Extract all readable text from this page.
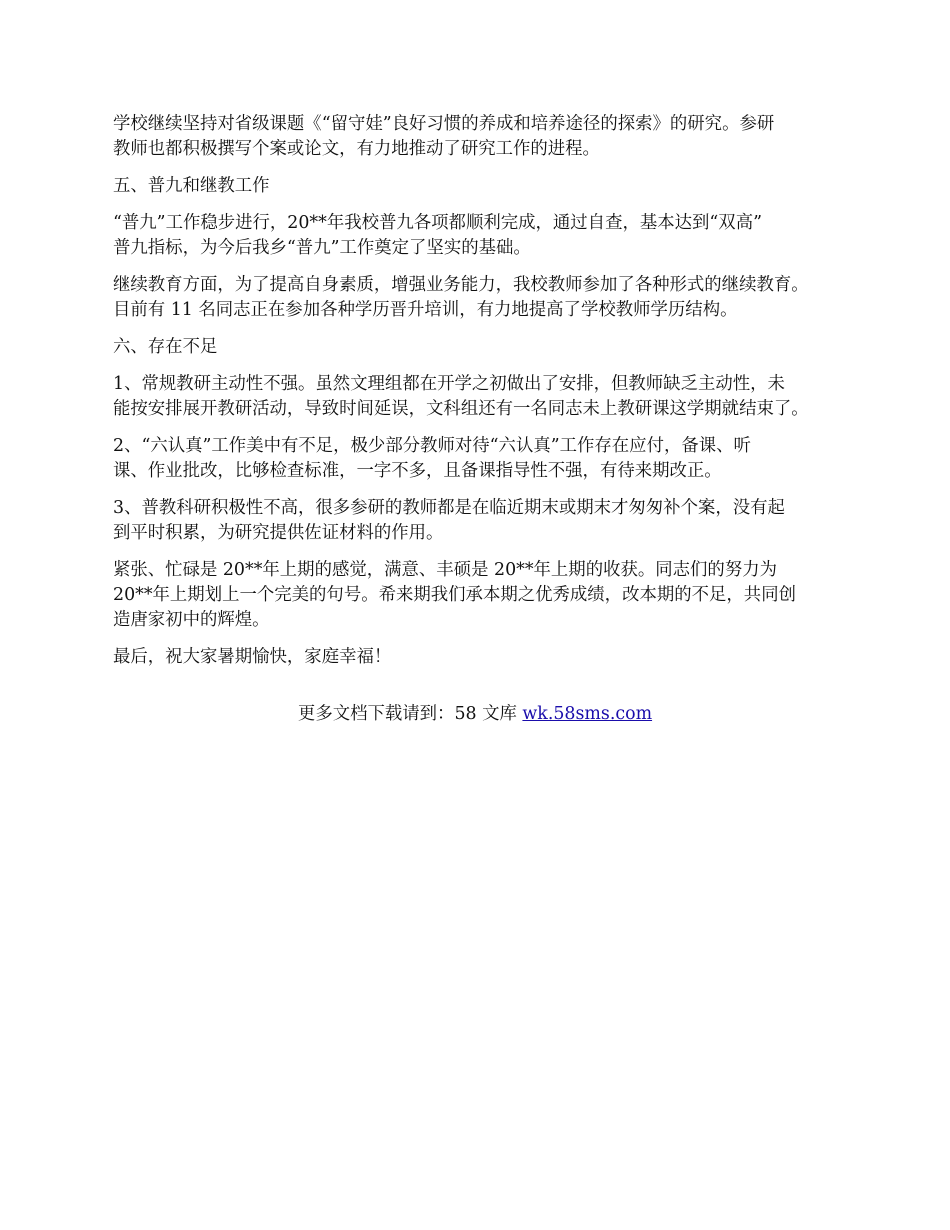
学校继续坚持对省级课题《“留守娃”良好习惯的养成和培养途径的探索》的研究。参研
教师也都积极撰写个案或论文，有力地推动了研究工作的进程。

五、普九和继教工作

“普九”工作稳步进行，20**年我校普九各项都顺利完成，通过自查，基本达到“双高”
普九指标，为今后我乡“普九”工作奠定了坚实的基础。

继续教育方面，为了提高自身素质，增强业务能力，我校教师参加了各种形式的继续教育。
目前有 11 名同志正在参加各种学历晋升培训，有力地提高了学校教师学历结构。

六、存在不足

1、常规教研主动性不强。虽然文理组都在开学之初做出了安排，但教师缺乏主动性，未
能按安排展开教研活动，导致时间延误，文科组还有一名同志未上教研课这学期就结束了。

2、“六认真”工作美中有不足，极少部分教师对待“六认真”工作存在应付，备课、听
课、作业批改，比够检查标准，一字不多，且备课指导性不强，有待来期改正。

3、普教科研积极性不高，很多参研的教师都是在临近期末或期末才匆匆补个案，没有起
到平时积累，为研究提供佐证材料的作用。

紧张、忙碌是 20**年上期的感觉，满意、丰硕是 20**年上期的收获。同志们的努力为
20**年上期划上一个完美的句号。希来期我们承本期之优秀成绩，改本期的不足，共同创
造唐家初中的辉煌。

最后，祝大家暑期愉快，家庭幸福！

更多文档下载请到：58 文库 wk.58sms.com
